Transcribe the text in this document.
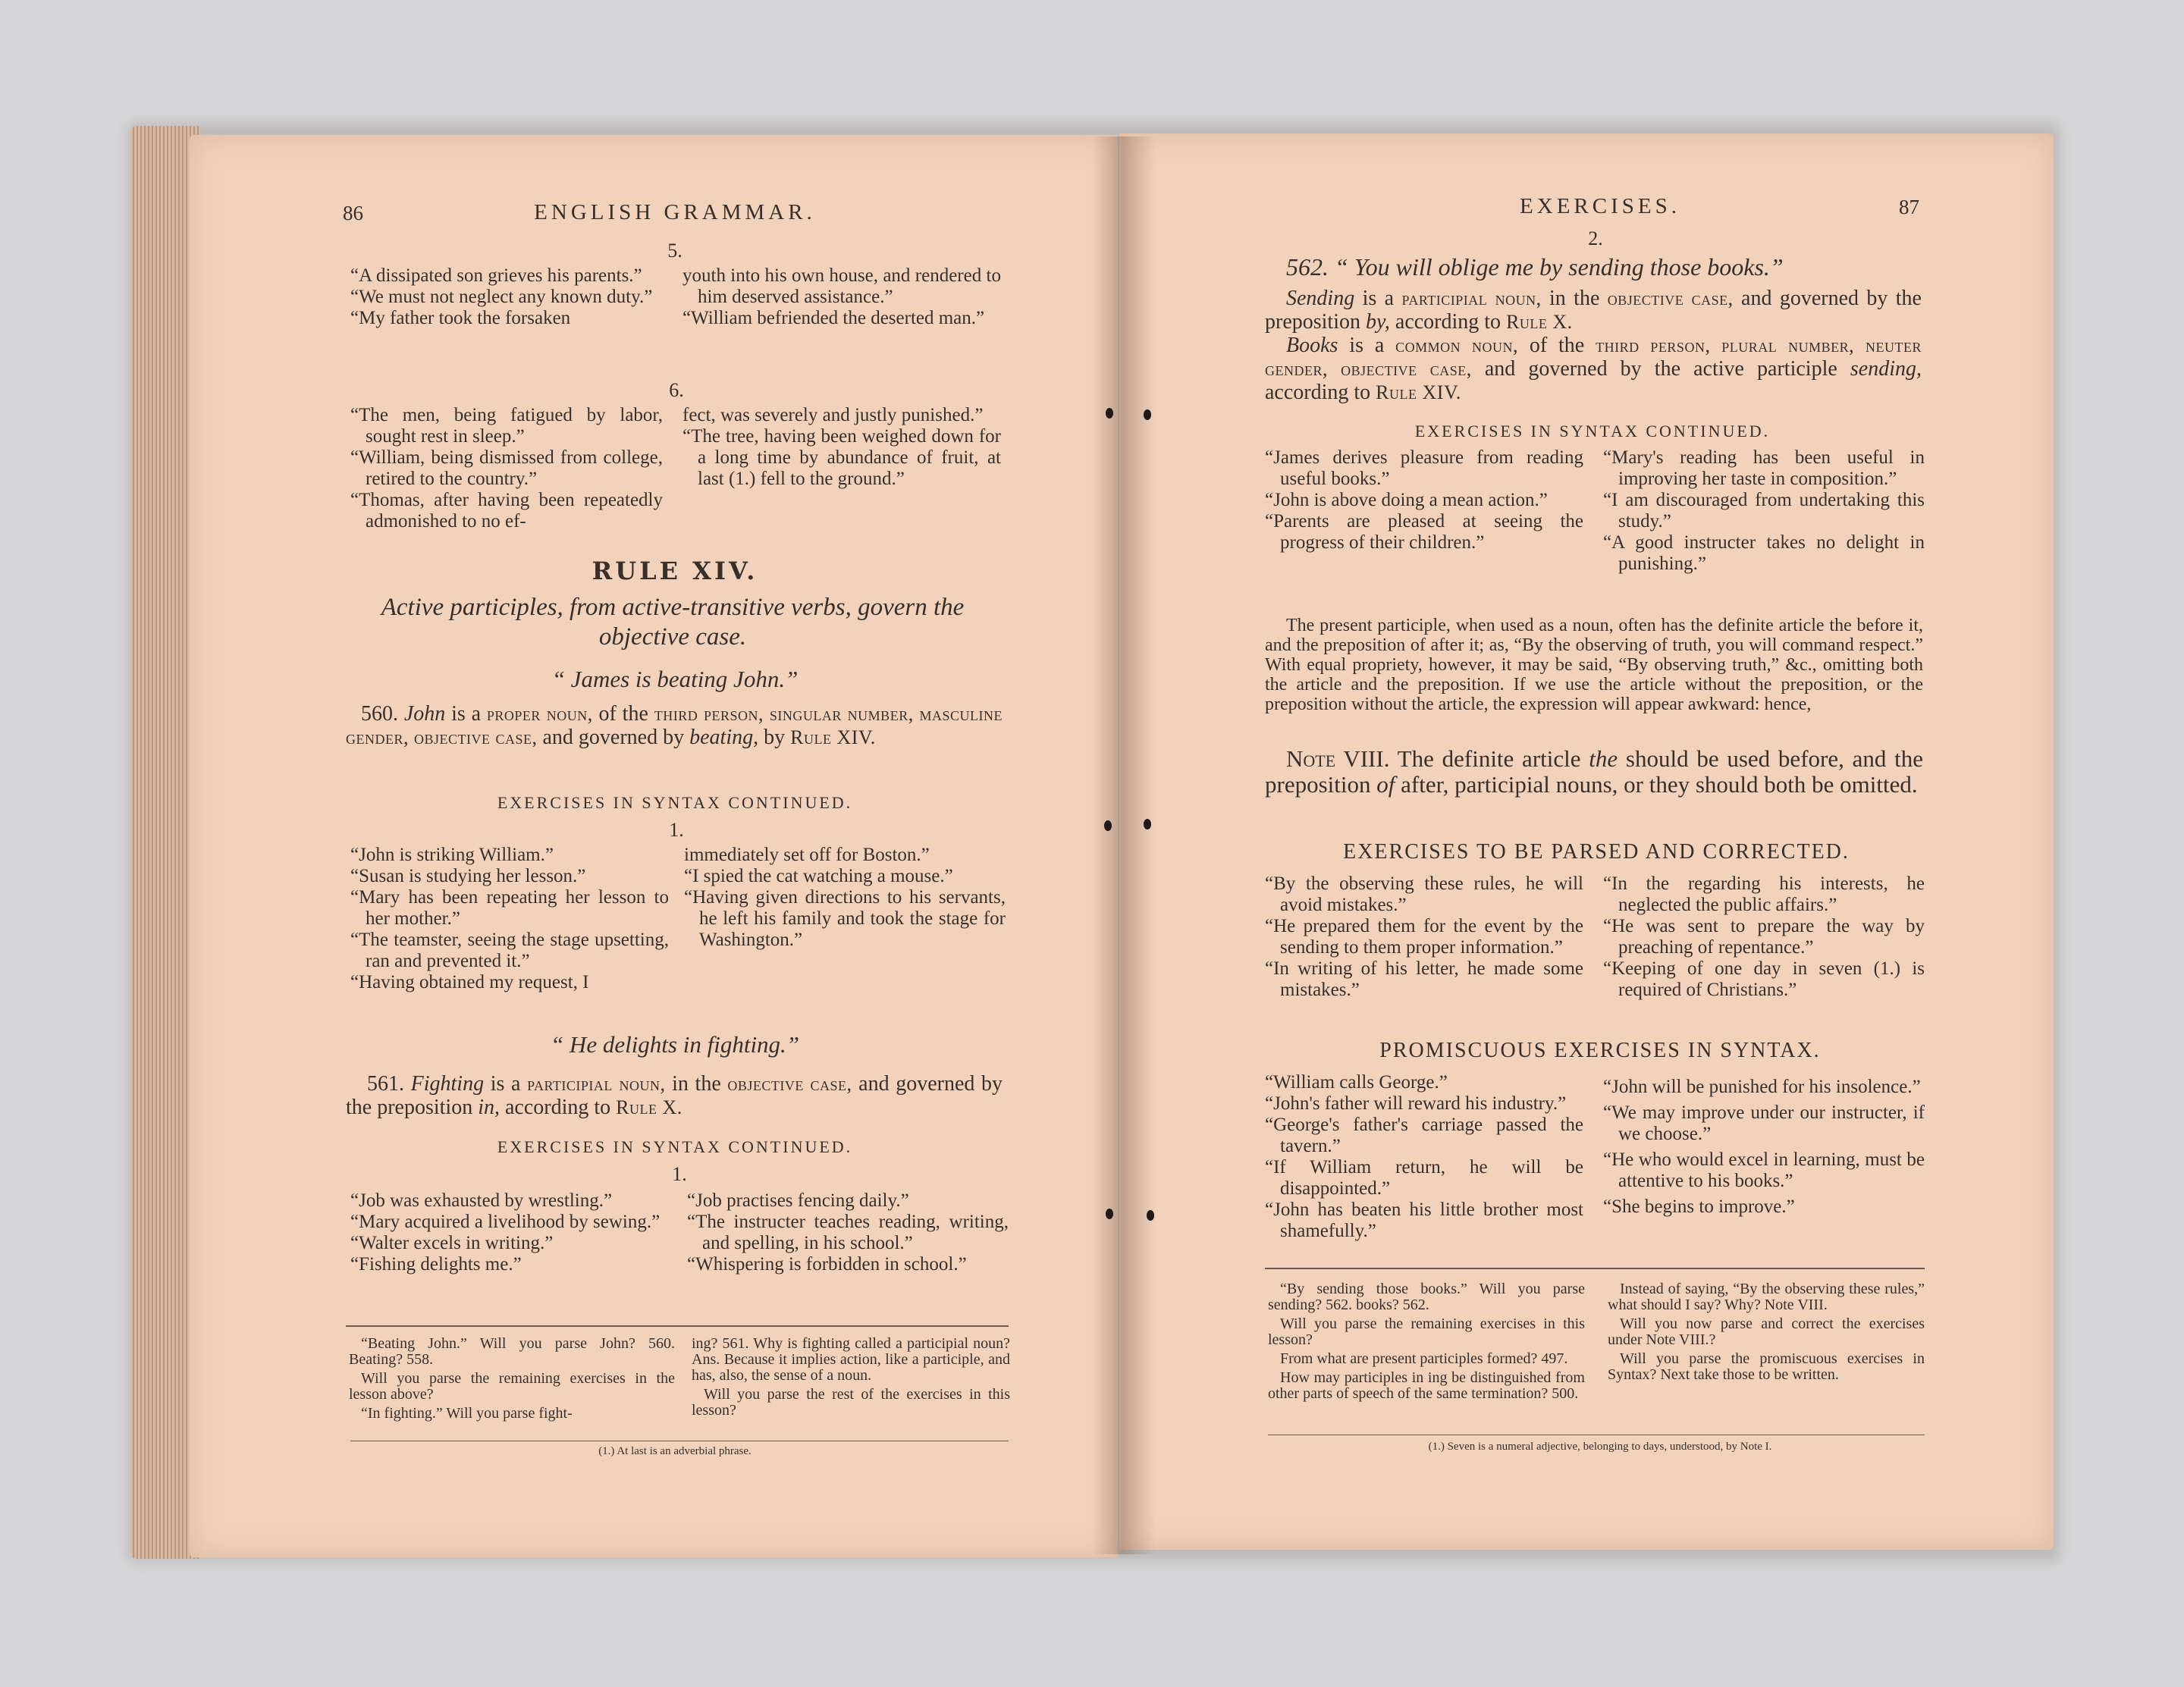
86	ENGLISH GRAMMAR.
5.

“A dissipated son grieves his parents.”

“We must not neglect any known duty.”

“My father took the forsaken

youth into his own house, and rendered to him deserved assistance.”

“William befriended the deserted man.”

6.

“The men, being fatigued by labor, sought rest in sleep.”

“William, being dismissed from college, retired to the country.”

“Thomas, after having been repeatedly admonished to no ef-

fect, was severely and justly punished.”

“The tree, having been weighed down for a long time by abundance of fruit, at last (1.) fell to the ground.”

RULE XIV.
Active participles, from active-transitive verbs, govern the objective case.
“ James is beating John.”
560. John is a proper noun, of the third person, singular number, masculine gender, objective case, and governed by beating, by Rule XIV.
EXERCISES IN SYNTAX CONTINUED.
1.

“John is striking William.”

“Susan is studying her lesson.”

“Mary has been repeating her lesson to her mother.”

“The teamster, seeing the stage upsetting, ran and prevented it.”

“Having obtained my request, I

immediately set off for Boston.”

“I spied the cat watching a mouse.”

“Having given directions to his servants, he left his family and took the stage for Washington.”

“ He delights in fighting.”
561. Fighting is a participial noun, in the objective case, and governed by the preposition in, according to Rule X.
EXERCISES IN SYNTAX CONTINUED.
1.

“Job was exhausted by wrestling.”

“Mary acquired a livelihood by sewing.”

“Walter excels in writing.”

“Fishing delights me.”

“Job practises fencing daily.”

“The instructer teaches reading, writing, and spelling, in his school.”

“Whispering is forbidden in school.”

“Beating John.” Will you parse John? 560. Beating? 558.

Will you parse the remaining exercises in the lesson above?

“In fighting.” Will you parse fight-

ing? 561. Why is fighting called a participial noun? Ans. Because it implies action, like a participle, and has, also, the sense of a noun.

Will you parse the rest of the exercises in this lesson?

(1.) At last is an adverbial phrase.
EXERCISES.	87
2.
562. “ You will oblige me by sending those books.”
Sending is a participial noun, in the objective case, and governed by the preposition by, according to Rule X.
Books is a common noun, of the third person, plural number, neuter gender, objective case, and governed by the active participle sending, according to Rule XIV.
EXERCISES IN SYNTAX CONTINUED.

“James derives pleasure from reading useful books.”

“John is above doing a mean action.”

“Parents are pleased at seeing the progress of their children.”

“Mary's reading has been useful in improving her taste in composition.”

“I am discouraged from undertaking this study.”

“A good instructer takes no delight in punishing.”

The present participle, when used as a noun, often has the definite article the before it, and the preposition of after it; as, “By the observing of truth, you will command respect.” With equal propriety, however, it may be said, “By observing truth,” &c., omitting both the article and the preposition. If we use the article without the preposition, or the preposition without the article, the expression will appear awkward: hence,
Note VIII. The definite article the should be used before, and the preposition of after, participial nouns, or they should both be omitted.
EXERCISES TO BE PARSED AND CORRECTED.

“By the observing these rules, he will avoid mistakes.”

“He prepared them for the event by the sending to them proper information.”

“In writing of his letter, he made some mistakes.”

“In the regarding his interests, he neglected the public affairs.”

“He was sent to prepare the way by preaching of repentance.”

“Keeping of one day in seven (1.) is required of Christians.”

PROMISCUOUS EXERCISES IN SYNTAX.

“William calls George.”

“John's father will reward his industry.”

“George's father's carriage passed the tavern.”

“If William return, he will be disappointed.”

“John has beaten his little brother most shamefully.”

“John will be punished for his insolence.”

“We may improve under our instructer, if we choose.”

“He who would excel in learning, must be attentive to his books.”

“She begins to improve.”

“By sending those books.” Will you parse sending? 562. books? 562.

Will you parse the remaining exercises in this lesson?

From what are present participles formed? 497.

How may participles in ing be distinguished from other parts of speech of the same termination? 500.

Instead of saying, “By the observing these rules,” what should I say? Why? Note VIII.

Will you now parse and correct the exercises under Note VIII.?

Will you parse the promiscuous exercises in Syntax? Next take those to be written.

(1.) Seven is a numeral adjective, belonging to days, understood, by Note I.
